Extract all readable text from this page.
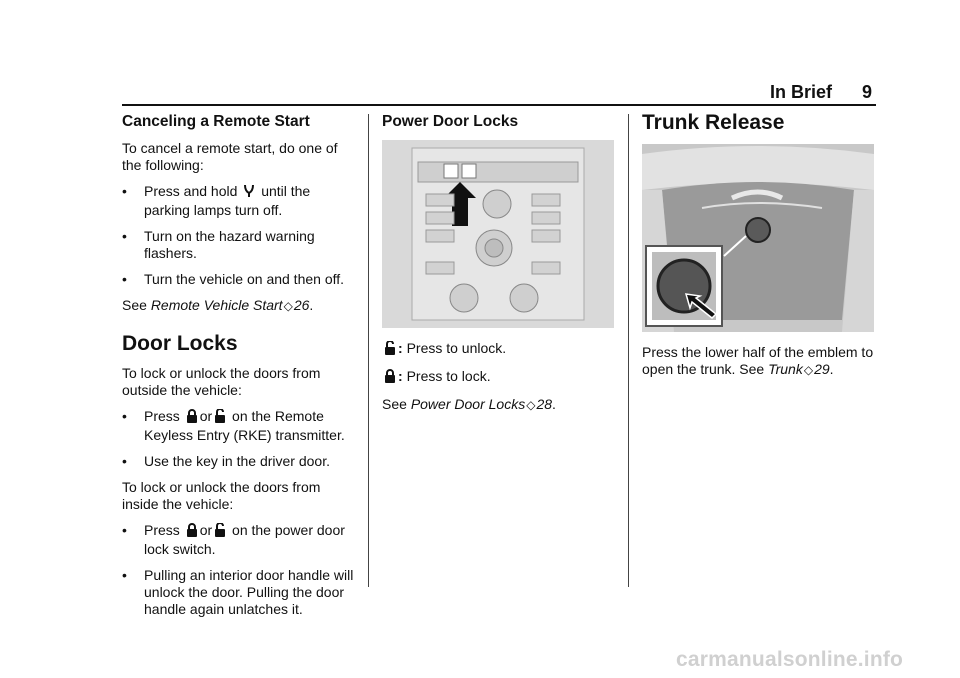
In Brief 9
Canceling a Remote Start

To cancel a remote start, do one of the following:

•	Press and hold until the parking lamps turn off.
•	Turn on the hazard warning flashers.
•	Turn the vehicle on and then off.

See Remote Vehicle Start◇26.

Door Locks

To lock or unlock the doors from outside the vehicle:

•	Press or on the Remote Keyless Entry (RKE) transmitter.
•	Use the key in the driver door.

To lock or unlock the doors from inside the vehicle:

•	Press or on the power door lock switch.
•	Pulling an interior door handle will unlock the door. Pulling the door handle again unlatches it.
Power Door Locks

: Press to unlock.

: Press to lock.

See Power Door Locks◇28.

Trunk Release

Press the lower half of the emblem to open the trunk. See Trunk◇29.

carmanualsonline.info
